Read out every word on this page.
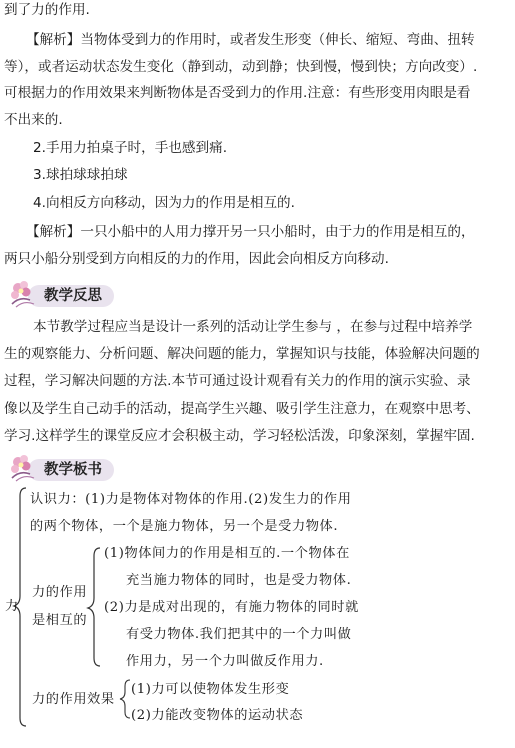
到了力的作用.
【解析】当物体受到力的作用时，或者发生形变（伸长、缩短、弯曲、扭转
等），或者运动状态发生变化（静到动，动到静；快到慢，慢到快；方向改变）.
可根据力的作用效果来判断物体是否受到力的作用.注意：有些形变用肉眼是看
不出来的.
2.手用力拍桌子时，手也感到痛.
3.球拍球球拍球
4.向相反方向移动，因为力的作用是相互的.
【解析】一只小船中的人用力撑开另一只小船时，由于力的作用是相互的，
两只小船分别受到方向相反的力的作用，因此会向相反方向移动.
教学反思
本节教学过程应当是设计一系列的活动让学生参与 ，在参与过程中培养学
生的观察能力、分析问题、解决问题的能力，掌握知识与技能，体验解决问题的
过程，学习解决问题的方法.本节可通过设计观看有关力的作用的演示实验、录
像以及学生自己动手的活动，提高学生兴趣、吸引学生注意力，在观察中思考、
学习.这样学生的课堂反应才会积极主动，学习轻松活泼，印象深刻，掌握牢固.
教学板书
力
认识力：(1)力是物体对物体的作用.(2)发生力的作用
的两个物体，一个是施力物体，另一个是受力物体.
力的作用
是相互的
(1)物体间力的作用是相互的.一个物体在
充当施力物体的同时，也是受力物体.
(2)力是成对出现的，有施力物体的同时就
有受力物体.我们把其中的一个力叫做
作用力，另一个力叫做反作用力.
力的作用效果
(1)力可以使物体发生形变
(2)力能改变物体的运动状态
